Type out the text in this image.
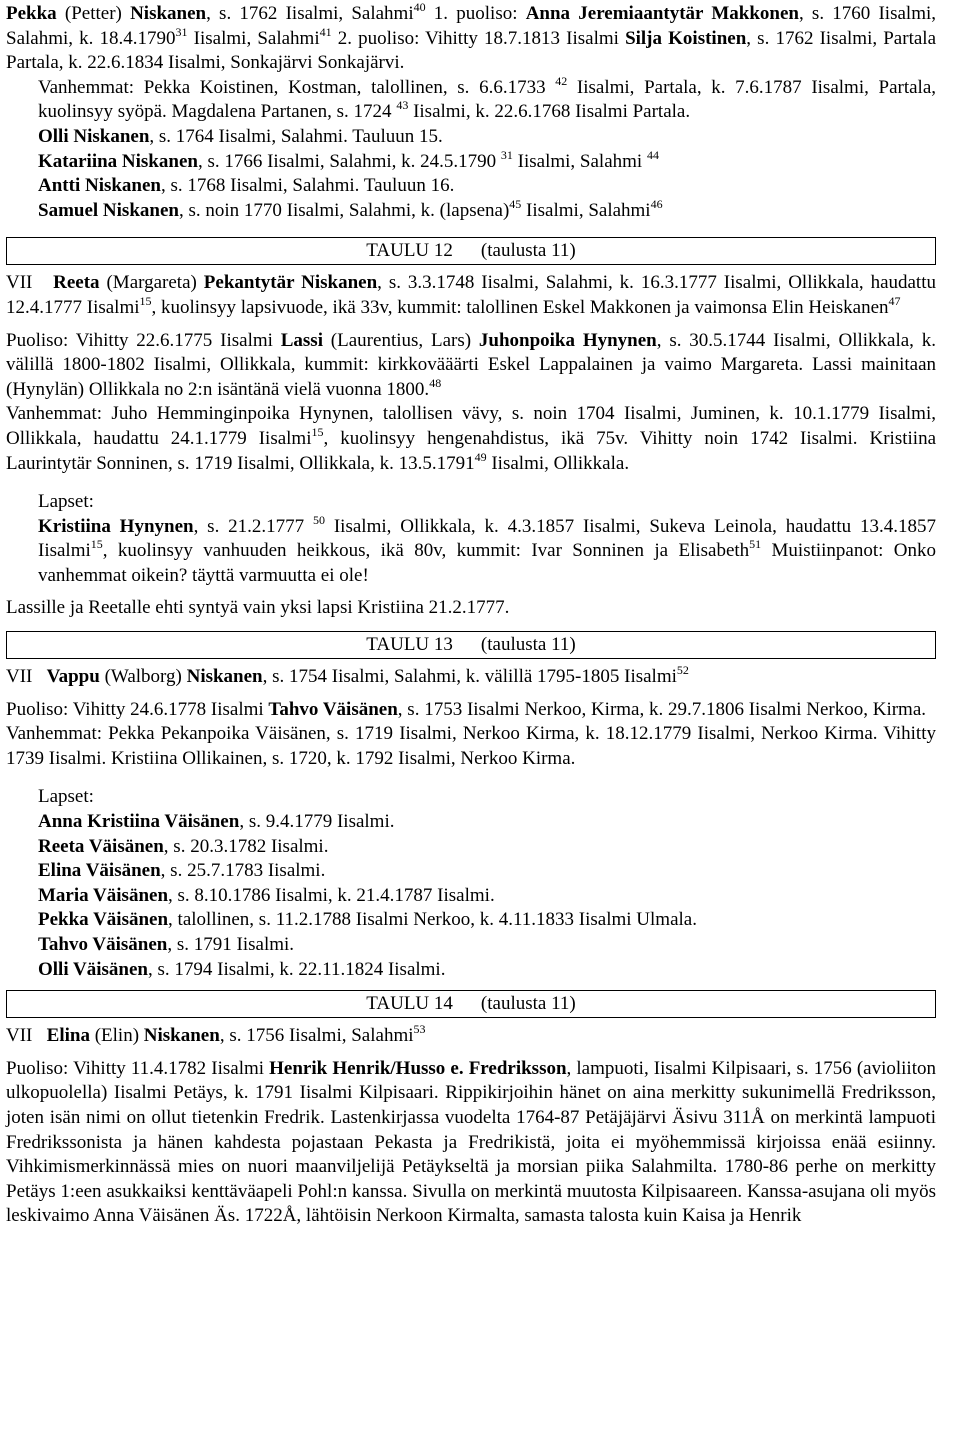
Pekka (Petter) Niskanen, s. 1762 Iisalmi, Salahmi$^{40}$ 1. puoliso: Anna Jeremiaantytär Makkonen, s. 1760 Iisalmi, Salahmi, k. 18.4.1790$^{31}$ Iisalmi, Salahmi$^{41}$ 2. puoliso: Vihitty 18.7.1813 Iisalmi Silja Koistinen, s. 1762 Iisalmi, Partala Partala, k. 22.6.1834 Iisalmi, Sonkajärvi Sonkajärvi.

Vanhemmat: Pekka Koistinen, Kostman, talollinen, s. 6.6.1733 $^{42}$ Iisalmi, Partala, k. 7.6.1787 Iisalmi, Partala, kuolinsyy syöpä. Magdalena Partanen, s. 1724 $^{43}$ Iisalmi, k. 22.6.1768 Iisalmi Partala.

Olli Niskanen, s. 1764 Iisalmi, Salahmi. Tauluun 15.

Katariina Niskanen, s. 1766 Iisalmi, Salahmi, k. 24.5.1790 $^{31}$ Iisalmi, Salahmi $^{44}$

Antti Niskanen, s. 1768 Iisalmi, Salahmi. Tauluun 16.

Samuel Niskanen, s. noin 1770 Iisalmi, Salahmi, k. (lapsena)$^{45}$ Iisalmi, Salahmi$^{46}$

TAULU 12 (taulusta 11)

VII   Reeta (Margareta) Pekantytär Niskanen, s. 3.3.1748 Iisalmi, Salahmi, k. 16.3.1777 Iisalmi, Ollikkala, haudattu 12.4.1777 Iisalmi$^{15}$, kuolinsyy lapsivuode, ikä 33v, kummit: talollinen Eskel Makkonen ja vaimonsa Elin Heiskanen$^{47}$

Puoliso: Vihitty 22.6.1775 Iisalmi Lassi (Laurentius, Lars) Juhonpoika Hynynen, s. 30.5.1744 Iisalmi, Ollikkala, k. välillä 1800-1802 Iisalmi, Ollikkala, kummit: kirkkovääärti Eskel Lappalainen ja vaimo Margareta. Lassi mainitaan (Hynylän) Ollikkala no 2:n isäntänä vielä vuonna 1800.48

Vanhemmat: Juho Hemminginpoika Hynynen, talollisen vävy, s. noin 1704 Iisalmi, Juminen, k. 10.1.1779 Iisalmi, Ollikkala, haudattu 24.1.1779 Iisalmi$^{15}$, kuolinsyy hengenahdistus, ikä 75v. Vihitty noin 1742 Iisalmi. Kristiina Laurintytär Sonninen, s. 1719 Iisalmi, Ollikkala, k. 13.5.1791$^{49}$ Iisalmi, Ollikkala.

Lapset:

Kristiina Hynynen, s. 21.2.1777 $^{50}$ Iisalmi, Ollikkala, k. 4.3.1857 Iisalmi, Sukeva Leinola, haudattu 13.4.1857 Iisalmi$^{15}$, kuolinsyy vanhuuden heikkous, ikä 80v, kummit: Ivar Sonninen ja Elisabeth$^{51}$ Muistiinpanot: Onko vanhemmat oikein? täyttä varmuutta ei ole!

Lassille ja Reetalle ehti syntyä vain yksi lapsi Kristiina 21.2.1777.

TAULU 13 (taulusta 11)

VII   Vappu (Walborg) Niskanen, s. 1754 Iisalmi, Salahmi, k. välillä 1795-1805 Iisalmi$^{52}$

Puoliso: Vihitty 24.6.1778 Iisalmi Tahvo Väisänen, s. 1753 Iisalmi Nerkoo, Kirma, k. 29.7.1806 Iisalmi Nerkoo, Kirma.

Vanhemmat: Pekka Pekanpoika Väisänen, s. 1719 Iisalmi, Nerkoo Kirma, k. 18.12.1779 Iisalmi, Nerkoo Kirma. Vihitty 1739 Iisalmi. Kristiina Ollikainen, s. 1720, k. 1792 Iisalmi, Nerkoo Kirma.

Lapset:

Anna Kristiina Väisänen, s. 9.4.1779 Iisalmi.

Reeta Väisänen, s. 20.3.1782 Iisalmi.

Elina Väisänen, s. 25.7.1783 Iisalmi.

Maria Väisänen, s. 8.10.1786 Iisalmi, k. 21.4.1787 Iisalmi.

Pekka Väisänen, talollinen, s. 11.2.1788 Iisalmi Nerkoo, k. 4.11.1833 Iisalmi Ulmala.

Tahvo Väisänen, s. 1791 Iisalmi.

Olli Väisänen, s. 1794 Iisalmi, k. 22.11.1824 Iisalmi.

TAULU 14 (taulusta 11)

VII   Elina (Elin) Niskanen, s. 1756 Iisalmi, Salahmi$^{53}$

Puoliso: Vihitty 11.4.1782 Iisalmi Henrik Henrik/Husso e. Fredriksson, lampuoti, Iisalmi Kilpisaari, s. 1756 (avioliiton ulkopuolella) Iisalmi Petäys, k. 1791 Iisalmi Kilpisaari. Rippikirjoihin hänet on aina merkitty sukunimellä Fredriksson, joten isän nimi on ollut tietenkin Fredrik. Lastenkirjassa vuodelta 1764-87 Petäjäjärvi Äsivu 311Å on merkintä lampuoti Fredrikssonista ja hänen kahdesta pojastaan Pekasta ja Fredrikistä, joita ei myöhemmissä kirjoissa enää esiinny. Vihkimismerkinnässä mies on nuori maanviljelijä Petäykseltä ja morsian piika Salahmilta. 1780-86 perhe on merkitty Petäys 1:een asukkaiksi kenttäväapeli Pohl:n kanssa. Sivulla on merkintä muutosta Kilpisaareen. Kanssa-asujana oli myös leskivaimo Anna Väisänen Äs. 1722Å, lähtöisin Nerkoon Kirmalta, samasta talosta kuin Kaisa ja Henrik
